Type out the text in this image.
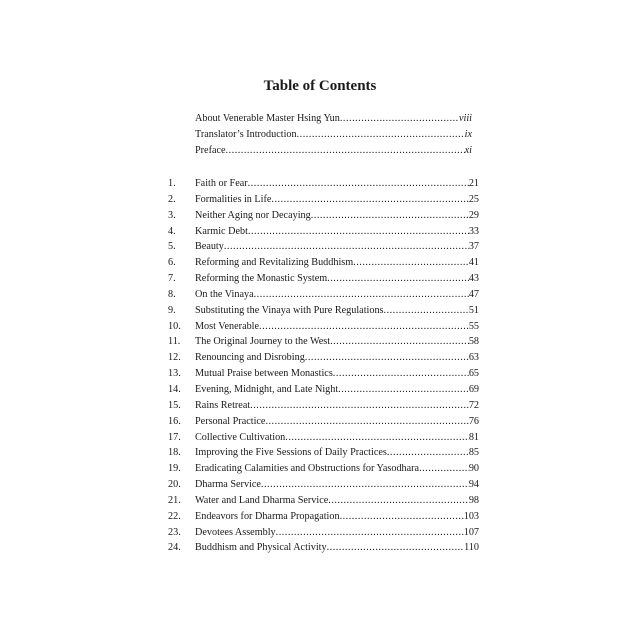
Table of Contents
About Venerable Master Hsing Yun .....	viii
Translator’s Introduction .....	ix
Preface .....	xi
1.	Faith or Fear .....	21
2.	Formalities in Life .....	25
3.	Neither Aging nor Decaying .....	29
4.	Karmic Debt .....	33
5.	Beauty .....	37
6.	Reforming and Revitalizing Buddhism .....	41
7.	Reforming the Monastic System .....	43
8.	On the Vinaya .....	47
9.	Substituting the Vinaya with Pure Regulations .....	51
10.	Most Venerable .....	55
11.	The Original Journey to the West .....	58
12.	Renouncing and Disrobing .....	63
13.	Mutual Praise between Monastics .....	65
14.	Evening, Midnight, and Late Night .....	69
15.	Rains Retreat .....	72
16.	Personal Practice .....	76
17.	Collective Cultivation .....	81
18.	Improving the Five Sessions of Daily Practices .....	85
19.	Eradicating Calamities and Obstructions for Yasodhara .....	90
20.	Dharma Service .....	94
21.	Water and Land Dharma Service .....	98
22.	Endeavors for Dharma Propagation .....	103
23.	Devotees Assembly .....	107
24.	Buddhism and Physical Activity .....	110
